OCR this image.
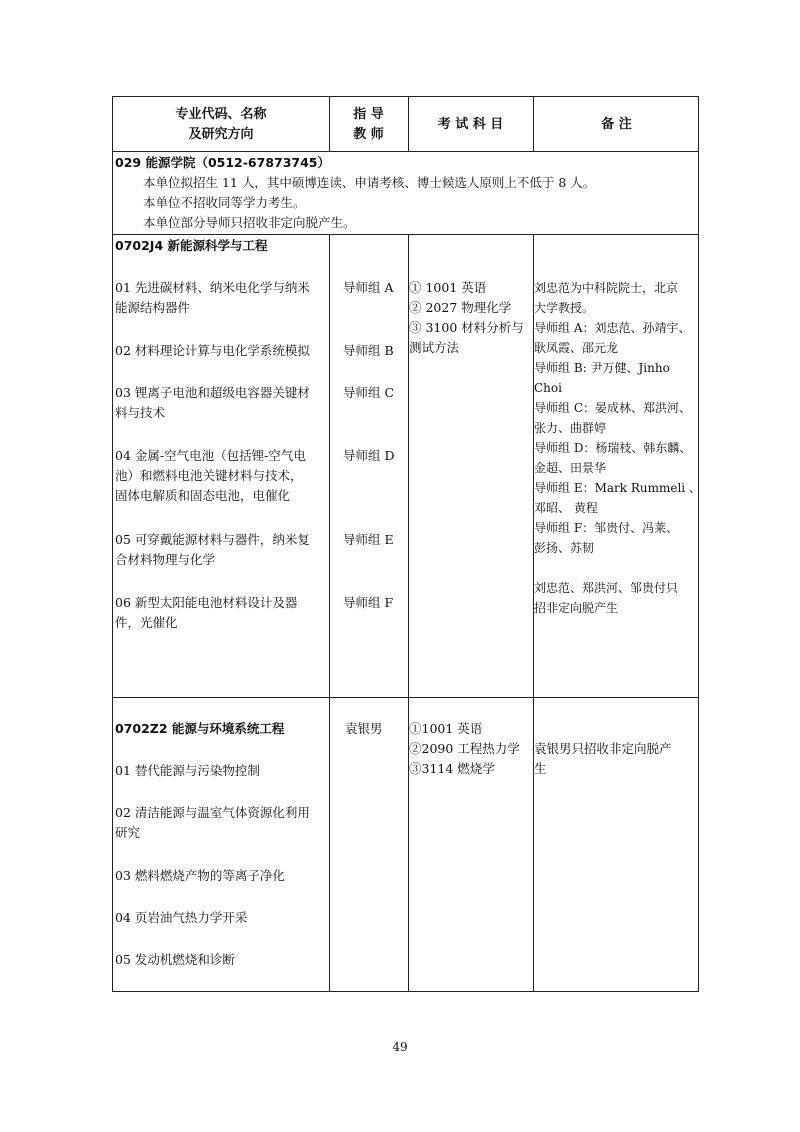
专业代码、名称
及研究方向
指 导
教 师
考 试 科 目	备 注
029 能源学院（0512-67873745）
本单位拟招生 11 人，其中硕博连读、申请考核、博士候选人原则上不低于 8 人。
本单位不招收同等学力考生。
本单位部分导师只招收非定向脱产生。
0702J4 新能源科学与工程
01 先进碳材料、纳米电化学与纳米
能源结构器件
02 材料理论计算与电化学系统模拟
03 锂离子电池和超级电容器关键材
料与技术
04 金属-空气电池（包括锂-空气电
池）和燃料电池关键材料与技术，
固体电解质和固态电池，电催化
05 可穿戴能源材料与器件，纳米复
合材料物理与化学
06 新型太阳能电池材料设计及器
件，光催化
导师组 A
导师组 B
导师组 C
导师组 D
导师组 E
导师组 F
① 1001 英语
② 2027 物理化学
③ 3100 材料分析与
测试方法
刘忠范为中科院院士，北京
大学教授。
导师组 A：刘忠范、孙靖宇、
耿凤霞、邵元龙
导师组 B: 尹万健、Jinho
Choi
导师组 C：晏成林、郑洪河、
张力、曲群婷
导师组 D：杨瑞枝、韩东麟、
金超、田景华
导师组 E：Mark Rummeli 、
邓昭、 黄程
导师组 F：邹贵付、冯莱、
彭扬、苏韧
刘忠范、郑洪河、邹贵付只
招非定向脱产生
0702Z2 能源与环境系统工程
01 替代能源与污染物控制
02 清洁能源与温室气体资源化利用
研究
03 燃料燃烧产物的等离子净化
04 页岩油气热力学开采
05 发动机燃烧和诊断
袁银男 ①1001 英语
②2090 工程热力学
③3114 燃烧学
袁银男只招收非定向脱产
生
49
